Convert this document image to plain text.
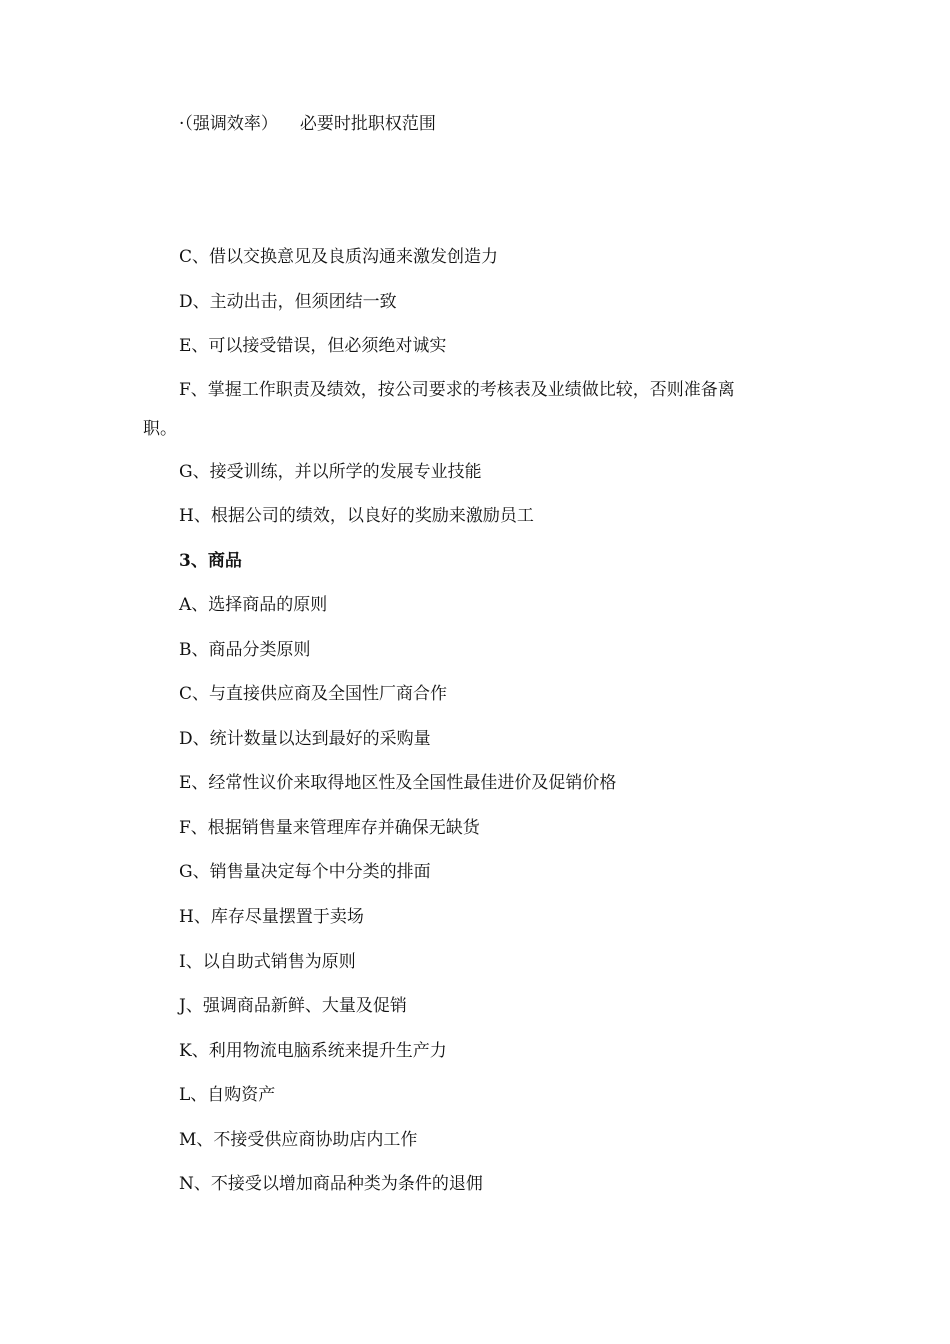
·（强调效率） 必要时批职权范围
C、借以交换意见及良质沟通来激发创造力
D、主动出击，但须团结一致
E、可以接受错误，但必须绝对诚实
F、掌握工作职责及绩效，按公司要求的考核表及业绩做比较，否则准备离
职。
G、接受训练，并以所学的发展专业技能
H、根据公司的绩效，以良好的奖励来激励员工
3、商品
A、选择商品的原则
B、商品分类原则
C、与直接供应商及全国性厂商合作
D、统计数量以达到最好的采购量
E、经常性议价来取得地区性及全国性最佳进价及促销价格
F、根据销售量来管理库存并确保无缺货
G、销售量决定每个中分类的排面
H、库存尽量摆置于卖场
I、以自助式销售为原则
J、强调商品新鲜、大量及促销
K、利用物流电脑系统来提升生产力
L、自购资产
M、不接受供应商协助店内工作
N、不接受以增加商品种类为条件的退佣
